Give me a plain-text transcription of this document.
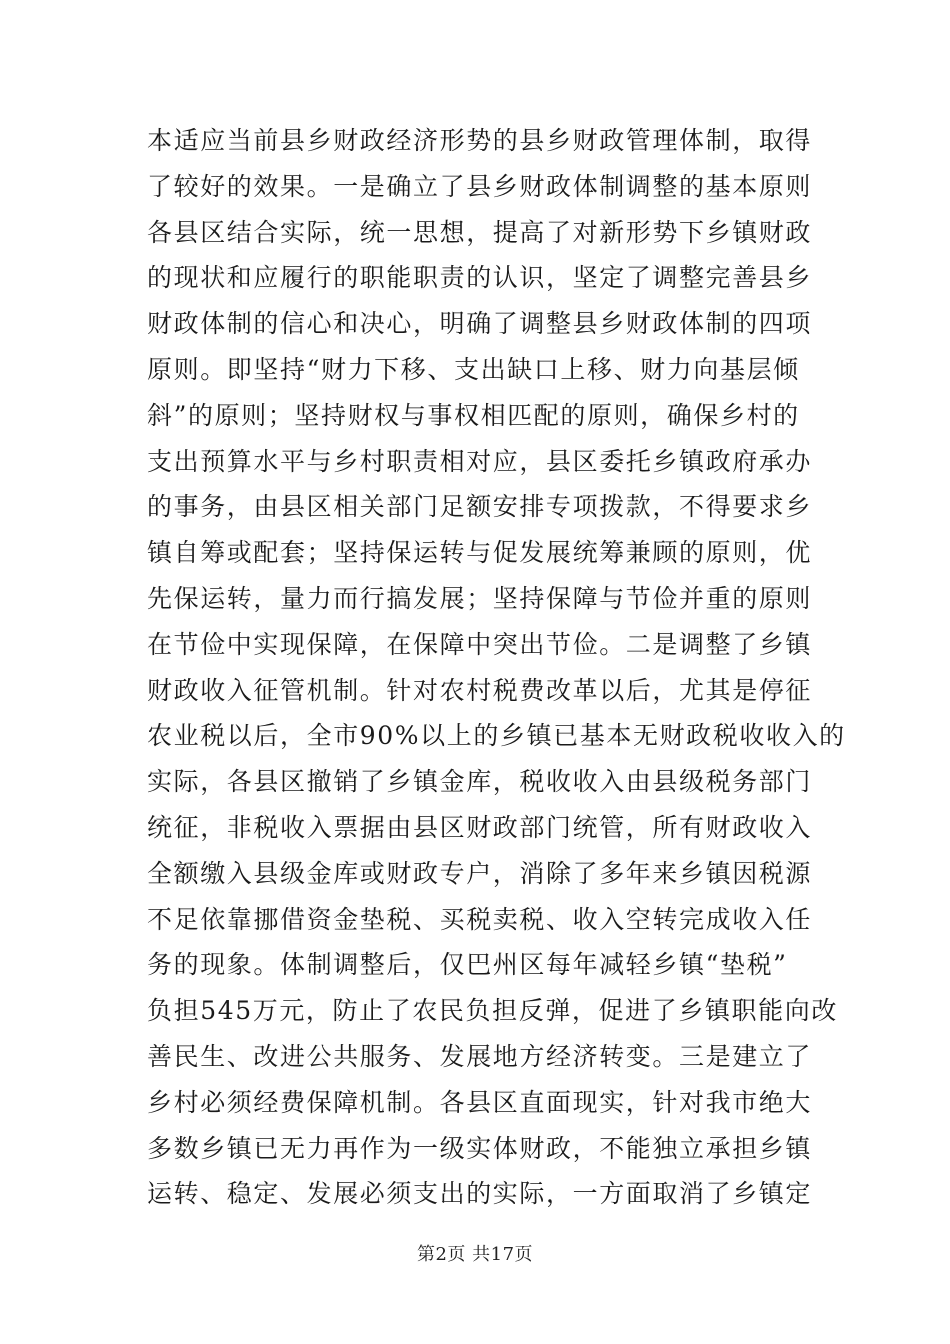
本适应当前县乡财政经济形势的县乡财政管理体制，取得
了较好的效果。一是确立了县乡财政体制调整的基本原则
各县区结合实际，统一思想，提高了对新形势下乡镇财政
的现状和应履行的职能职责的认识，坚定了调整完善县乡
财政体制的信心和决心，明确了调整县乡财政体制的四项
原则。即坚持“财力下移、支出缺口上移、财力向基层倾
斜”的原则；坚持财权与事权相匹配的原则，确保乡村的
支出预算水平与乡村职责相对应，县区委托乡镇政府承办
的事务，由县区相关部门足额安排专项拨款，不得要求乡
镇自筹或配套；坚持保运转与促发展统筹兼顾的原则，优
先保运转，量力而行搞发展；坚持保障与节俭并重的原则
在节俭中实现保障，在保障中突出节俭。二是调整了乡镇
财政收入征管机制。针对农村税费改革以后，尤其是停征
农业税以后，全市90%以上的乡镇已基本无财政税收收入的
实际，各县区撤销了乡镇金库，税收收入由县级税务部门
统征，非税收入票据由县区财政部门统管，所有财政收入
全额缴入县级金库或财政专户，消除了多年来乡镇因税源
不足依靠挪借资金垫税、买税卖税、收入空转完成收入任
务的现象。体制调整后，仅巴州区每年减轻乡镇“垫税”
负担545万元，防止了农民负担反弹，促进了乡镇职能向改
善民生、改进公共服务、发展地方经济转变。三是建立了
乡村必须经费保障机制。各县区直面现实，针对我市绝大
多数乡镇已无力再作为一级实体财政，不能独立承担乡镇
运转、稳定、发展必须支出的实际，一方面取消了乡镇定
第2页 共17页
